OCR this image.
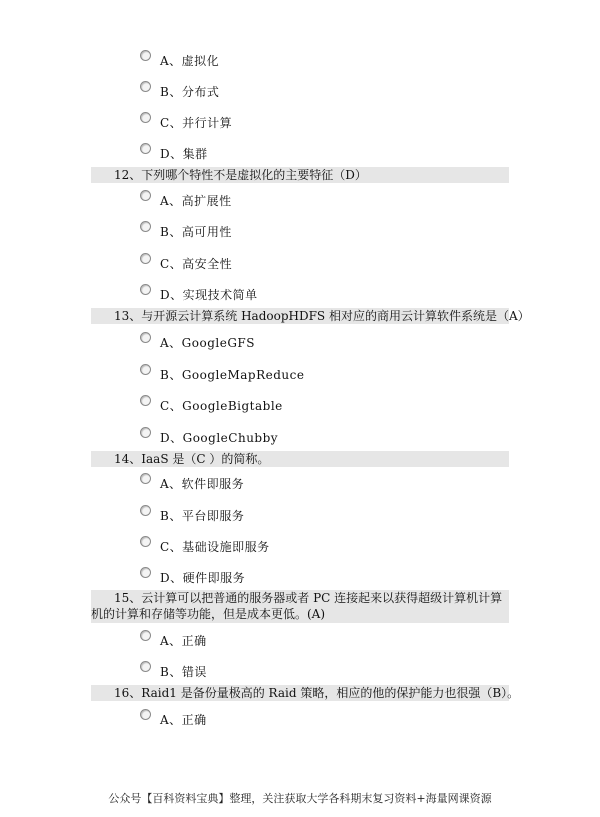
A、虚拟化
B、分布式
C、并行计算
D、集群
12、下列哪个特性不是虚拟化的主要特征（D）
A、高扩展性
B、高可用性
C、高安全性
D、实现技术简单
13、与开源云计算系统 HadoopHDFS 相对应的商用云计算软件系统是（A）
A、GoogleGFS
B、GoogleMapReduce
C、GoogleBigtable
D、GoogleChubby
14、IaaS 是（C ）的简称。
A、软件即服务
B、平台即服务
C、基础设施即服务
D、硬件即服务
15、云计算可以把普通的服务器或者 PC 连接起来以获得超级计算机计算机的计算和存储等功能，但是成本更低。(A)
A、正确
B、错误
16、Raid1 是备份量极高的 Raid 策略，相应的他的保护能力也很强（B）。
A、正确
公众号【百科资料宝典】整理，关注获取大学各科期末复习资料+海量网课资源
